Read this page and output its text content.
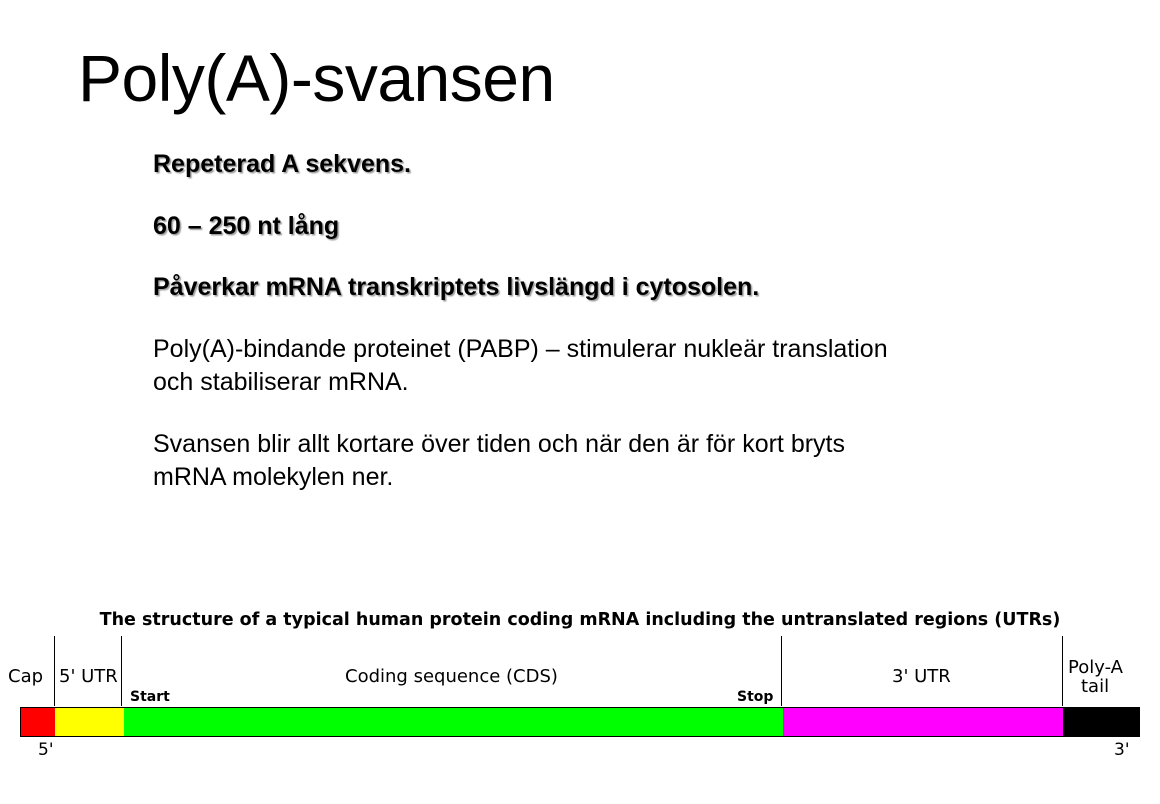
Poly(A)-svansen

Repeterad A sekvens.

60 – 250 nt lång

Påverkar mRNA transkriptets livslängd i cytosolen.

Poly(A)-bindande proteinet (PABP) – stimulerar nukleär translation

och stabiliserar mRNA.

Svansen blir allt kortare över tiden och när den är för kort bryts

mRNA molekylen ner.

The structure of a typical human protein coding mRNA including the untranslated regions (UTRs)
Cap 5' UTR	Coding sequence (CDS)	3' UTR	Poly-A
tail
Start	Stop
5'	3'
